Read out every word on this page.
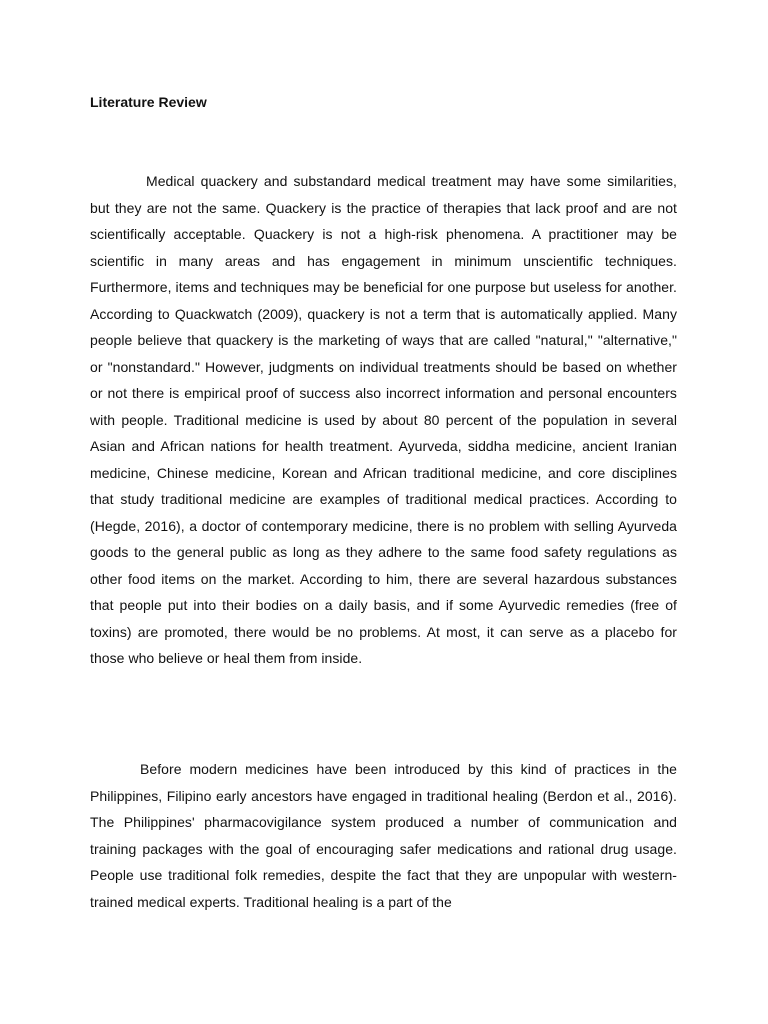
Literature Review

Medical quackery and substandard medical treatment may have some similarities, but they are not the same. Quackery is the practice of therapies that lack proof and are not scientifically acceptable. Quackery is not a high-risk phenomena. A practitioner may be scientific in many areas and has engagement in minimum unscientific techniques. Furthermore, items and techniques may be beneficial for one purpose but useless for another. According to Quackwatch (2009), quackery is not a term that is automatically applied. Many people believe that quackery is the marketing of ways that are called "natural," "alternative," or "nonstandard." However, judgments on individual treatments should be based on whether or not there is empirical proof of success also incorrect information and personal encounters with people. Traditional medicine is used by about 80 percent of the population in several Asian and African nations for health treatment. Ayurveda, siddha medicine, ancient Iranian medicine, Chinese medicine, Korean and African traditional medicine, and core disciplines that study traditional medicine are examples of traditional medical practices. According to (Hegde, 2016), a doctor of contemporary medicine, there is no problem with selling Ayurveda goods to the general public as long as they adhere to the same food safety regulations as other food items on the market. According to him, there are several hazardous substances that people put into their bodies on a daily basis, and if some Ayurvedic remedies (free of toxins) are promoted, there would be no problems. At most, it can serve as a placebo for those who believe or heal them from inside.

Before modern medicines have been introduced by this kind of practices in the Philippines, Filipino early ancestors have engaged in traditional healing (Berdon et al., 2016). The Philippines' pharmacovigilance system produced a number of communication and training packages with the goal of encouraging safer medications and rational drug usage. People use traditional folk remedies, despite the fact that they are unpopular with western-trained medical experts. Traditional healing is a part of the
